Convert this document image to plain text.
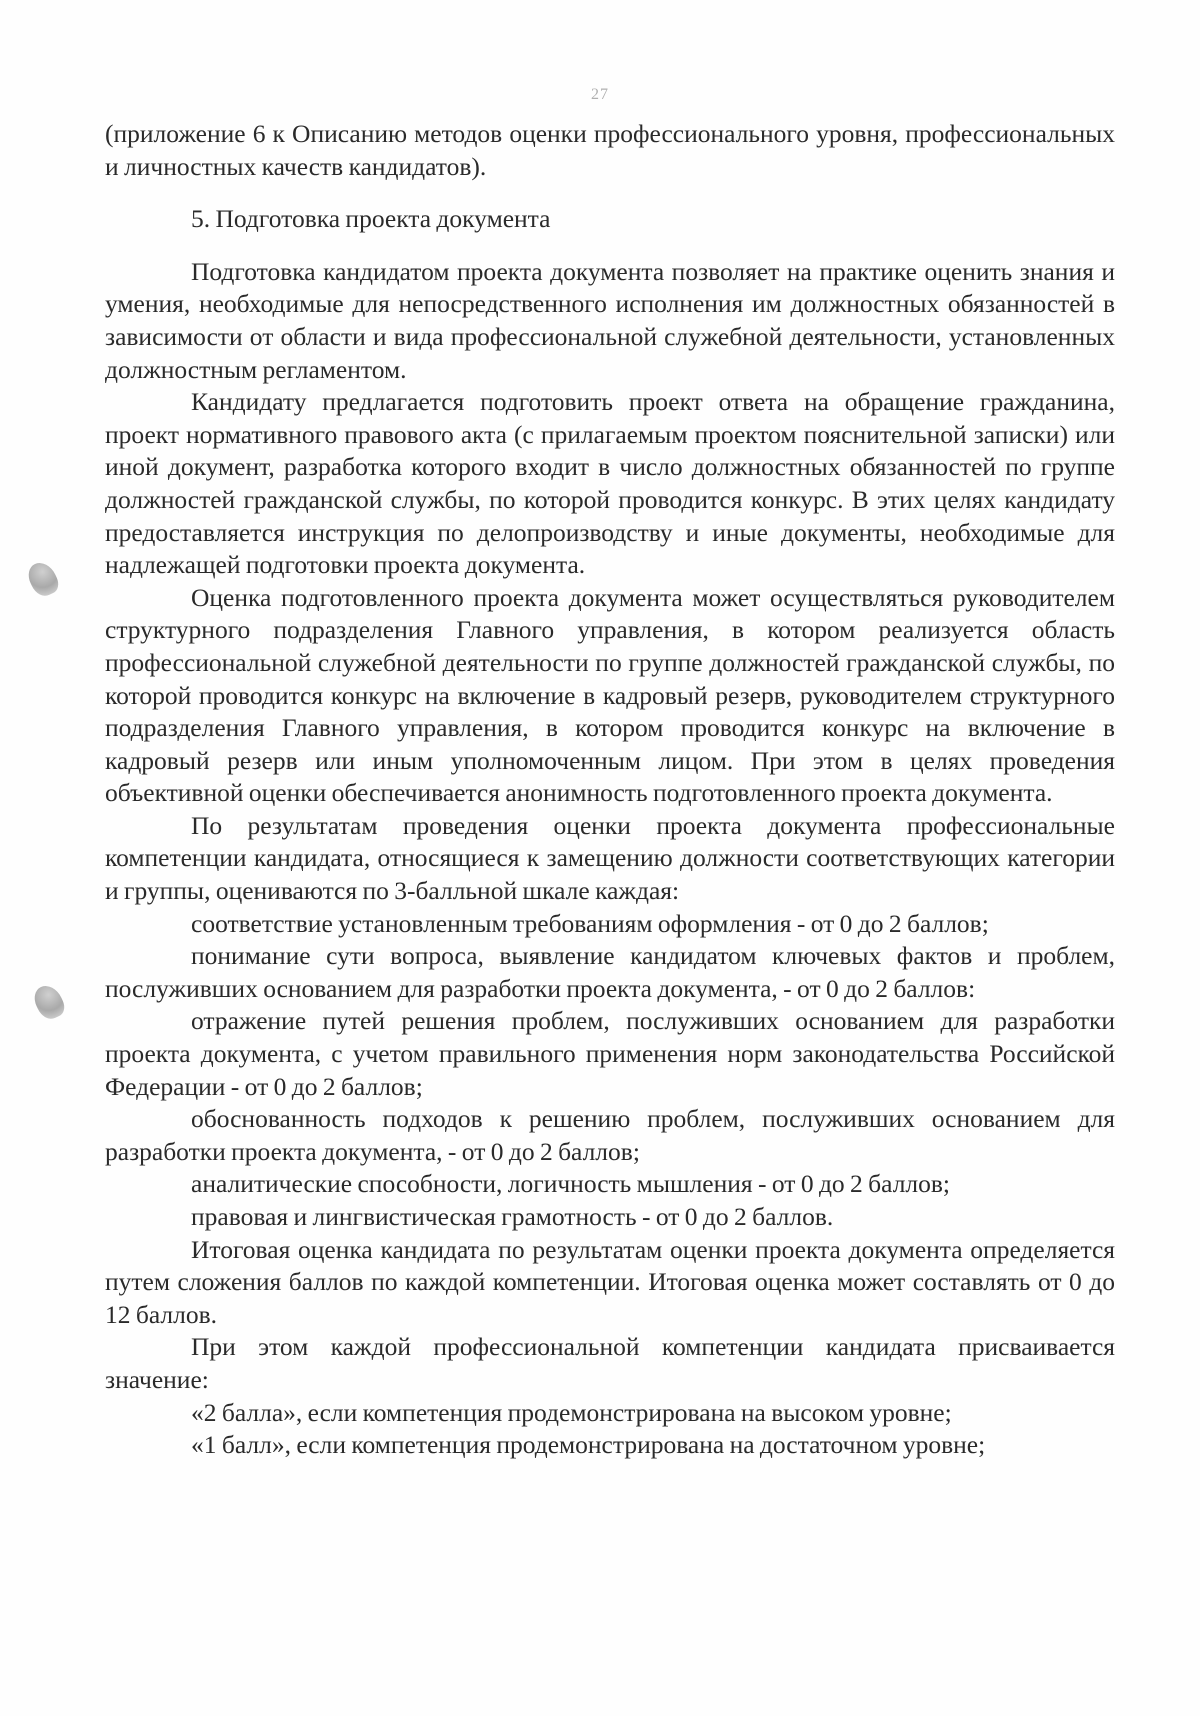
27

(приложение 6 к Описанию методов оценки профессионального уровня, профессиональных и личностных качеств кандидатов).

5. Подготовка проекта документа

Подготовка кандидатом проекта документа позволяет на практике оценить знания и умения, необходимые для непосредственного исполнения им должностных обязанностей в зависимости от области и вида профессиональной служебной деятельности, установленных должностным регламентом.

Кандидату предлагается подготовить проект ответа на обращение гражданина, проект нормативного правового акта (с прилагаемым проектом пояснительной записки) или иной документ, разработка которого входит в число должностных обязанностей по группе должностей гражданской службы, по которой проводится конкурс. В этих целях кандидату предоставляется инструкция по делопроизводству и иные документы, необходимые для надлежащей подготовки проекта документа.

Оценка подготовленного проекта документа может осуществляться руководителем структурного подразделения Главного управления, в котором реализуется область профессиональной служебной деятельности по группе должностей гражданской службы, по которой проводится конкурс на включение в кадровый резерв, руководителем структурного подразделения Главного управления, в котором проводится конкурс на включение в кадровый резерв или иным уполномоченным лицом. При этом в целях проведения объективной оценки обеспечивается анонимность подготовленного проекта документа.

По результатам проведения оценки проекта документа профессиональные компетенции кандидата, относящиеся к замещению должности соответствующих категории и группы, оцениваются по 3-балльной шкале каждая:

соответствие установленным требованиям оформления - от 0 до 2 баллов;

понимание сути вопроса, выявление кандидатом ключевых фактов и проблем, послуживших основанием для разработки проекта документа, - от 0 до 2 баллов:

отражение путей решения проблем, послуживших основанием для разработки проекта документа, с учетом правильного применения норм законодательства Российской Федерации - от 0 до 2 баллов;

обоснованность подходов к решению проблем, послуживших основанием для разработки проекта документа, - от 0 до 2 баллов;

аналитические способности, логичность мышления - от 0 до 2 баллов;

правовая и лингвистическая грамотность - от 0 до 2 баллов.

Итоговая оценка кандидата по результатам оценки проекта документа определяется путем сложения баллов по каждой компетенции. Итоговая оценка может составлять от 0 до 12 баллов.

При этом каждой профессиональной компетенции кандидата присваивается значение:

«2 балла», если компетенция продемонстрирована на высоком уровне;

«1 балл», если компетенция продемонстрирована на достаточном уровне;
